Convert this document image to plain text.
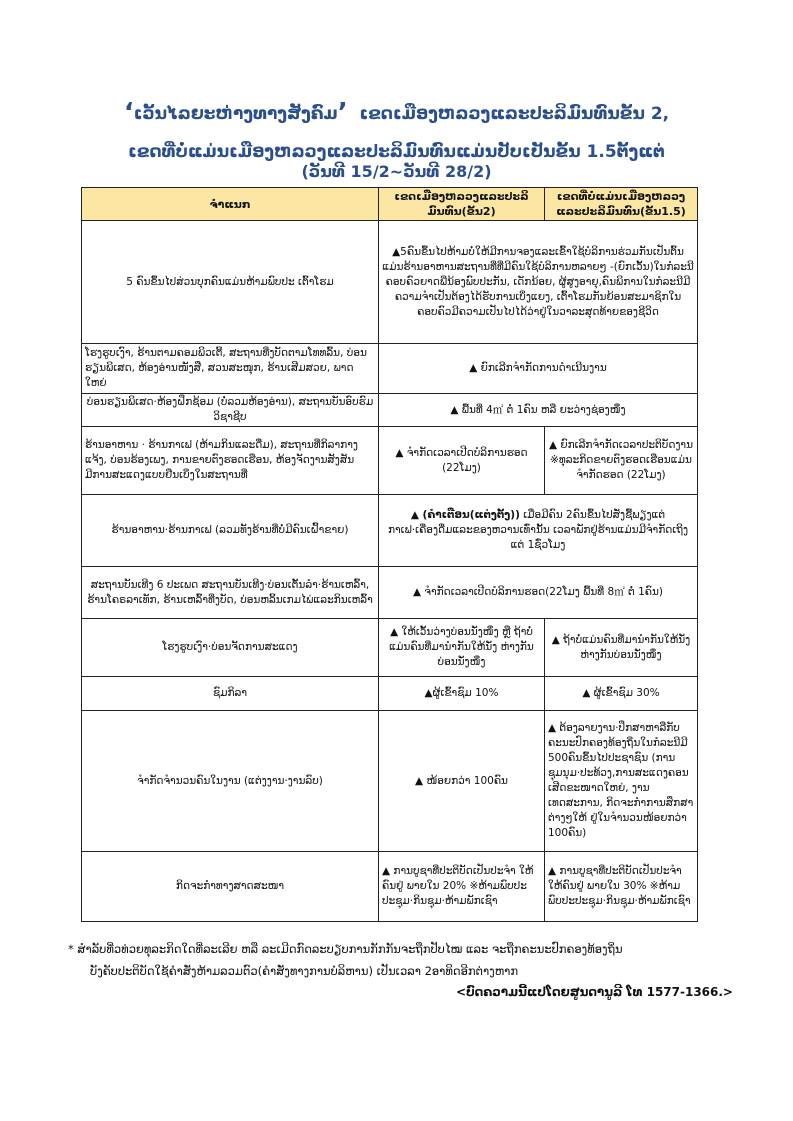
‘ເວັ້ນໄລຍະຫ່າງທາງສັງຄົມ’ ເຂດເມືອງຫລວງແລະປະລິມົນທົນຂັ້ນ 2,
ເຂດທີ່ບໍ່ແມ່ນເມືອງຫລວງແລະປະລິມົນທົນແມ່ນປັບເປັນຂັ້ນ 1.5ຕັ້ງແຕ່
(ວັນທີ 15/2~ວັນທີ 28/2)
ຈຳແນກ	ເຂດເມືອງຫລວງແລະປະລິມົນທົນ(ຂັ້ນ2)	ເຂດທີ່ບໍ່ແມ່ນເມືອງຫລວງ ແລະປະລິມົນທົນ(ຂັ້ນ1.5)
5 ຄົນຂຶ້ນໄປສ່ວນບຸກຄົນແມ່ນຫ້າມພົບປະ ເຕົ້າໂຮມ	▲5ຄົນຂຶ້ນໄປຫ້າມບໍ່ໃຫ້ມີການຈອງແລະເຂົ້າໃຊ້ບໍລິການຮ່ວມກັນເປັນຕົ້ນ ແມ່ນຮ້ານອາຫານສະຖານທີ່ທີ່ມີຄົນໃຊ້ບໍລິການຫລາຍໆ -(ຍົກເວັ້ນ)ໃນກໍລະນີຄອບຄົວຍາດພີ່ນ້ອງພົບປະກັນ, ເດັກນ້ອຍ, ຜູ້ສູງອາຍຸ,ຄົນພິການໃນກໍລະນີມີຄວາມຈຳເປັນຕ້ອງໄດ້ຮັບການເບິ່ງແຍງ, ເຕົ້າໂຮມກັນຍ້ອນສະມາຊິກໃນຄອບຄົວມີຄວາມເປັນໄປໄດ້ວ່າຢູ່ໃນວາລະສຸດທ້າຍຂອງຊີວິດ	
ໂຮງຮູບເງົາ, ຮ້ານຕາມຄອມພິວເຕີ້, ສະຖານທີ່ງບັດຕາມໂທທລົ້ນ, ບ່ອນຮຽນພິເສດ, ຫ້ອງອ່ານໜັງສື, ສວນສະໜຸກ, ຮ້ານເສີມສວຍ, ພາດໃຫຍ່	▲ ຍົກເລີກຈຳກັດການດຳເນີນງານ	
ບ່ອນຮຽນພິເສດ·ຫ້ອງຝຶກຊ້ອມ (ບໍ່ລວມຫ້ອງອ່ານ), ສະຖານບັນອົບຮົມວິຊາຊີບ	▲ ພື້ນທີ່ 4㎡ ຕໍ່ 1ຄົນ ຫລື ຍະວ່າງຊ່ອງໜຶ່ງ	
ຮ້ານອາຫານ · ຮ້ານກາເຟ (ຫ້າມກິນແລະດື່ມ), ສະຖານທີ່ກິລາກາງແຈ້ງ, ບ່ອນຮ້ອງເພງ, ການຂາຍຕົງຮອດເຮືອນ, ຫ້ອງຈັດງານສັງສັນ ມີການສະແດງແບບຢືນເບິ່ງໃນສະຖານທີ່	▲ ຈຳກັດເວລາເປີດບໍລິການຮອດ (22ໂມງ)	▲ ຍົກເລີກຈຳກັດເວລາປະຕິບັດງານ ※ທຸລະກິດຂາຍຕົງຮອດເຮືອນແມ່ນ ຈຳກັດຮອດ (22ໂມງ)
ຮ້ານອາຫານ·ຮ້ານກາເຟ (ລວມທັງຮ້ານທີ່ບໍ່ມີຄົນເຝົ້າຂາຍ)	▲ (ຄຳເຕືອນ(ແຕ່ງຕັ້ງ)) ເມື່ອມີຄົນ 2ຄົນຂຶ້ນໄປສັ່ງຊື້ພຽງແຕ່ກາເຟ·ເຄື່ອງດື່ມແລະຂອງຫວານເທົ່ານັ້ນ ເວລາພັກຢູ່ຮ້ານແມ່ນມີຈຳກັດເຖິງແຕ່ 1ຊົ່ວໂມງ	
ສະຖານບັນເທີງ 6 ປະເພດ ສະຖານບັນເທີງ·ບ່ອນເຕັ້ນລຳ·ຮ້ານເຫລົ້າ, ຮ້ານໂຄຣລາເທັກ, ຮ້ານເຫລົ້າທີ່ງບັດ, ບ່ອນຫລິ້ນເກມໄພ່ແລະກິນເຫລົ້າ	▲ ຈຳກັດເວລາເປີດບໍລິການຮອດ(22ໂມງ ພື້ນທີ່ 8㎡ ຕໍ່ 1ຄົນ)	
ໂຮງຮູບເງົາ·ບ່ອນຈັດການສະແດງ	▲ ໃຫ້ເວັ້ນວ່າງບ່ອນນັ່ງໜຶ່ງ ຫຼື ຖ້າບໍ່ແມ່ນຄົນທີ່ມານຳກັນໃຫ້ນັ່ງ ຫ່າງກັນບ່ອນນັ່ງໜຶ່ງ	▲ ຖ້າບໍ່ແມ່ນຄົນທີ່ມານຳກັນໃຫ້ນັ່ງ ຫ່າງກັນບ່ອນນັ່ງໜຶ່ງ
ຊົມກິລາ	▲ຜູ້ເຂົ້າຊົມ 10%	▲ ຜູ້ເຂົ້າຊົມ 30%
ຈຳກັດຈຳນວນຄົນໃນງານ (ແຕ່ງງານ·ງານລົບ)	▲ ໜ້ອຍກວ່າ 100ຄົນ	▲ ຕ້ອງລາຍງານ·ປຶກສາຫາລືກັບ ຄະນະປົກຄອງທ້ອງຖິ່ນໃນກໍລະນີມີ 500ຄົນຂຶ້ນໄປປະຊາຊົນ (ການຊຸມນຸມ·ປະທ້ວງ,ການສະແດງຄອນເສີດຂະໜາດໃຫຍ່, ງານເທດສະການ, ກິດຈະກຳການສຶກສາຕ່າງໆໃຫ້ ຢູ່ໃນຈຳນວນໜ້ອຍກວ່າ 100ຄົນ)
ກິດຈະກຳທາງສາດສະໜາ	▲ ການບູຊາທີ່ປະຕິບັດເປັນປະຈຳ ໃຫ້ຄົນຢູ່ ພາຍໃນ 20% ※ຫ້າມພົບປະປະຊຸມ·ກິນຊຸມ·ຫ້າມພັກເຊົາ	▲ ການບູຊາທີ່ປະຕິບັດເປັນປະຈຳ ໃຫ້ຄົນຢູ່ ພາຍໃນ 30% ※ຫ້າມພົບປະປະຊຸມ·ກິນຊຸມ·ຫ້າມພັກເຊົາ
* ສຳລັບທີ່ວທ່ວຍທຸລະກິດໃດທີ່ລະເລີຍ ຫລື ລະເມີດກົດລະບຽບການກັກກັນຈະຖືກປັບໄໝ ແລະ ຈະຖືກຄະນະປົກຄອງທ້ອງຖິ່ນ
ບັງຄັບປະຕິບັດໃຊ້ຄຳສັ່ງຫ້າມລວມຕົວ(ຄຳສັ່ງທາງການບໍລິຫານ) ເປັນເວລາ 2ອາທິດອີກຕ່າງຫາກ
<ບົດຄວາມນີ້ແປໂດຍສູນດານູລີ ໂທ 1577-1366.>
